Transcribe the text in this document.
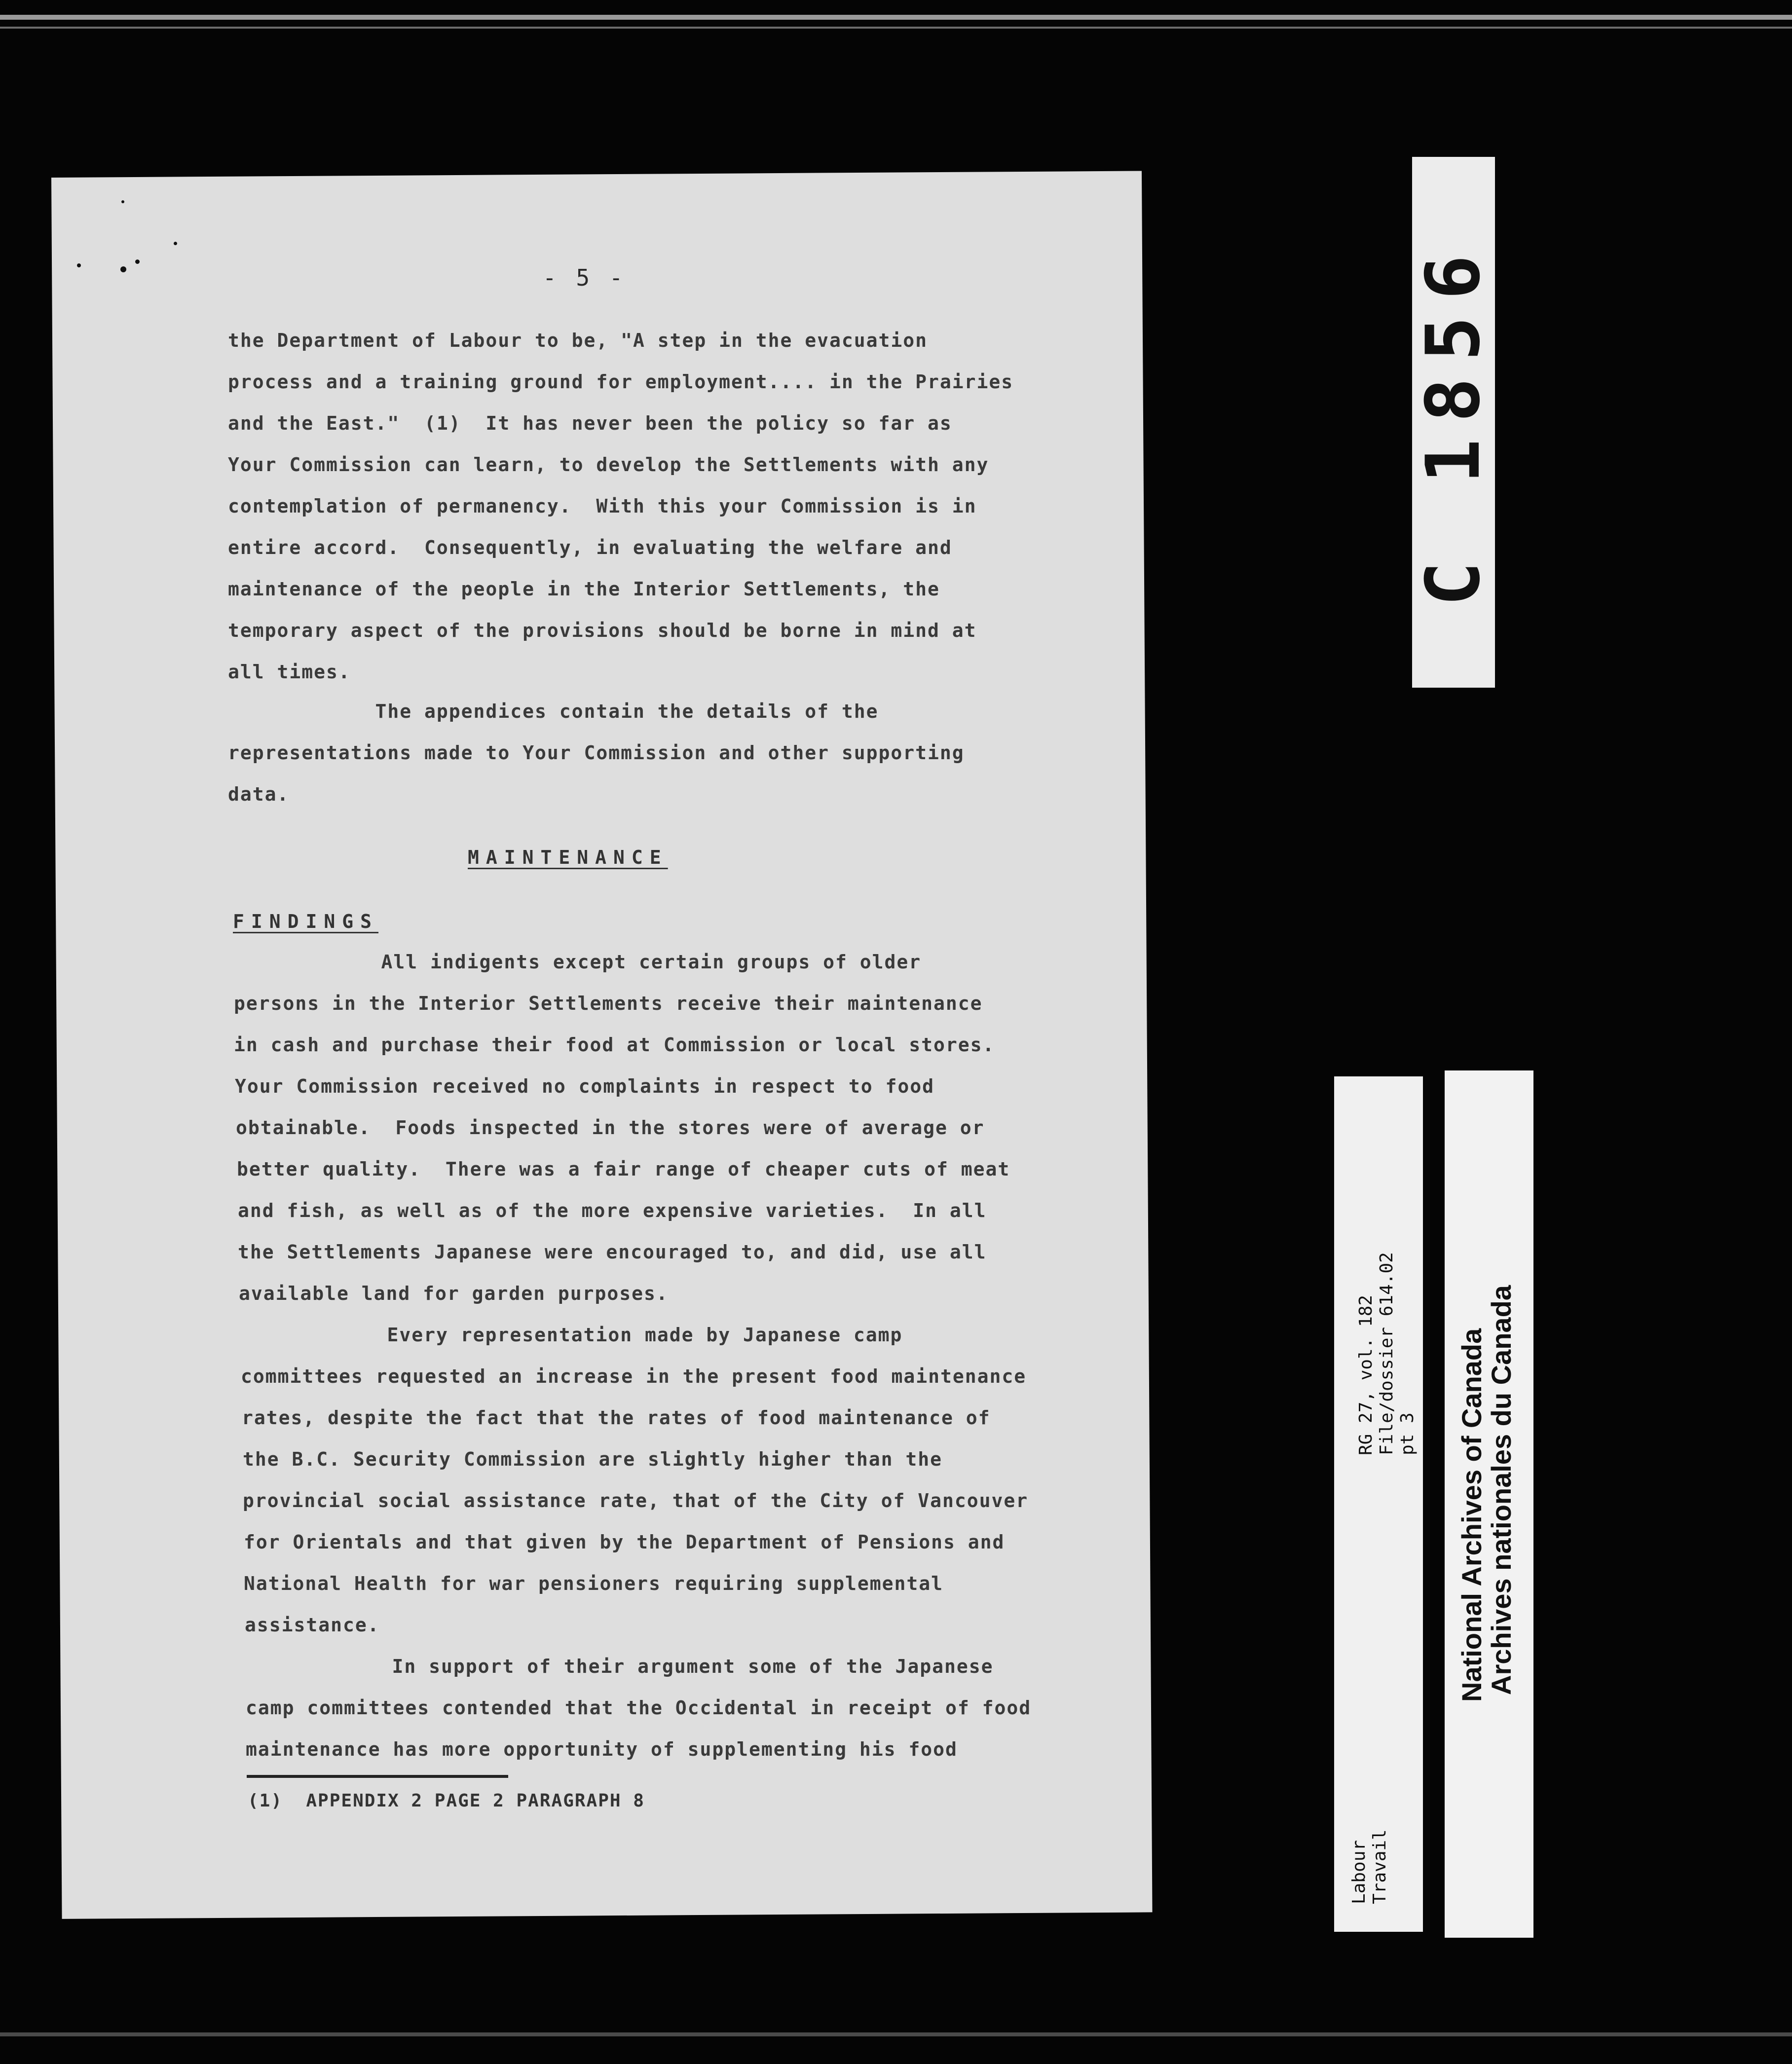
- 5 -
the Department of Labour to be, "A step in the evacuation
process and a training ground for employment.... in the Prairies
and the East."  (1)  It has never been the policy so far as
Your Commission can learn, to develop the Settlements with any
contemplation of permanency.  With this your Commission is in
entire accord.  Consequently, in evaluating the welfare and
maintenance of the people in the Interior Settlements, the
temporary aspect of the provisions should be borne in mind at
all times.
The appendices contain the details of the
representations made to Your Commission and other supporting
data.
MAINTENANCE
FINDINGS
All indigents except certain groups of older
persons in the Interior Settlements receive their maintenance
in cash and purchase their food at Commission or local stores.
Your Commission received no complaints in respect to food
obtainable.  Foods inspected in the stores were of average or
better quality.  There was a fair range of cheaper cuts of meat
and fish, as well as of the more expensive varieties.  In all
the Settlements Japanese were encouraged to, and did, use all
available land for garden purposes.
Every representation made by Japanese camp
committees requested an increase in the present food maintenance
rates, despite the fact that the rates of food maintenance of
the B.C. Security Commission are slightly higher than the
provincial social assistance rate, that of the City of Vancouver
for Orientals and that given by the Department of Pensions and
National Health for war pensioners requiring supplemental
assistance.
In support of their argument some of the Japanese
camp committees contended that the Occidental in receipt of food
maintenance has more opportunity of supplementing his food
(1)  APPENDIX 2 PAGE 2 PARAGRAPH 8
C 1856
RG 27, vol. 182 File/dossier 614.02 pt 3
Labour Travail
National Archives of Canada
Archives nationales du Canada
